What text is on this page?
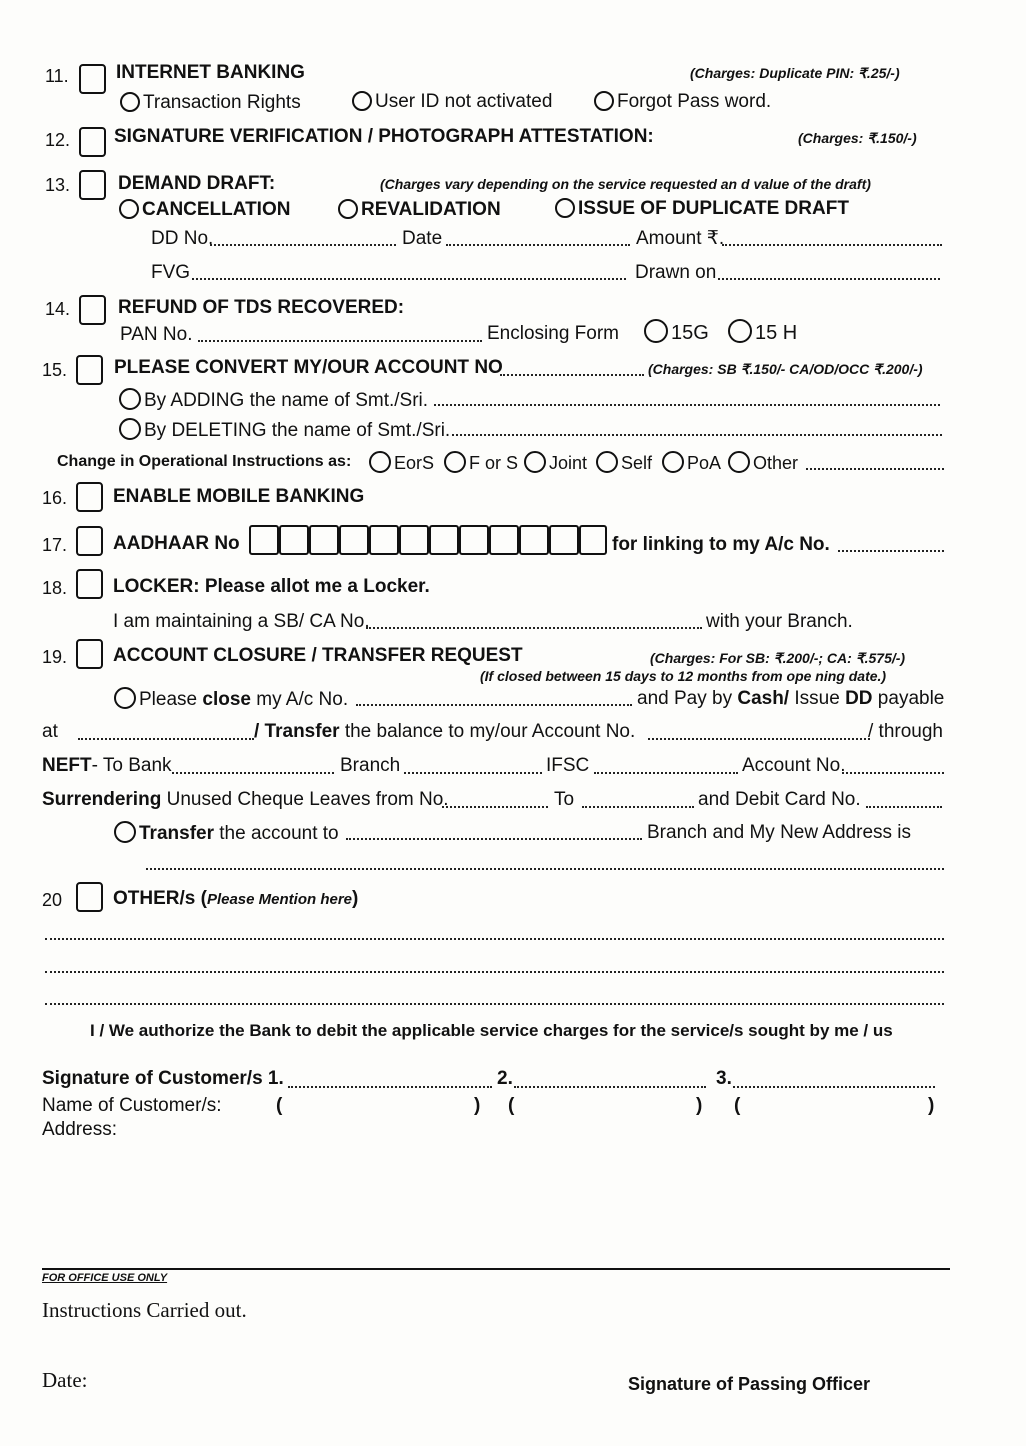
11. INTERNET BANKING	(Charges: Duplicate PIN: ₹.25/-)
Transaction Rights	User ID not activated	Forgot Pass word.
12. SIGNATURE VERIFICATION / PHOTOGRAPH ATTESTATION:	(Charges: ₹.150/-)
13.	DEMAND DRAFT:	(Charges vary depending on the service requested an d value of the draft)
CANCELLATION	REVALIDATION	ISSUE OF DUPLICATE DRAFT
DD No.	Date	Amount ₹.
FVG	Drawn on
14.	REFUND OF TDS RECOVERED:
PAN No.	Enclosing Form	15G	15 H
15. PLEASE CONVERT MY/OUR ACCOUNT NO	(Charges: SB ₹.150/- CA/OD/OCC ₹.200/-)
By ADDING the name of Smt./Sri.
By DELETING the name of Smt./Sri.
Change in Operational Instructions as:	EorS	F or S	Joint	Self	PoA	Other
16. ENABLE MOBILE BANKING
17. AADHAAR No	for linking to my A/c No.
18. LOCKER: Please allot me a Locker.
I am maintaining a SB/ CA No.	with your Branch.
19. ACCOUNT CLOSURE / TRANSFER REQUEST	(Charges: For SB: ₹.200/-; CA: ₹.575/-)
(If closed between 15 days to 12 months from ope ning date.)
Please close my A/c No.	and Pay by Cash/ Issue DD payable
at	/ Transfer the balance to my/our Account No.	/ through
NEFT- To Bank	Branch	IFSC	Account No.
Surrendering Unused Cheque Leaves from No.	To	and Debit Card No.
Transfer the account to	Branch and My New Address is
20	OTHER/s (Please Mention here)
I / We authorize the Bank to debit the applicable service charges for the service/s sought by me / us
Signature of Customer/s 1.	2.	3.
Name of Customer/s:	(	) (	) (	)
Address:
FOR OFFICE USE ONLY
Instructions Carried out.
Date:	Signature of Passing Officer
